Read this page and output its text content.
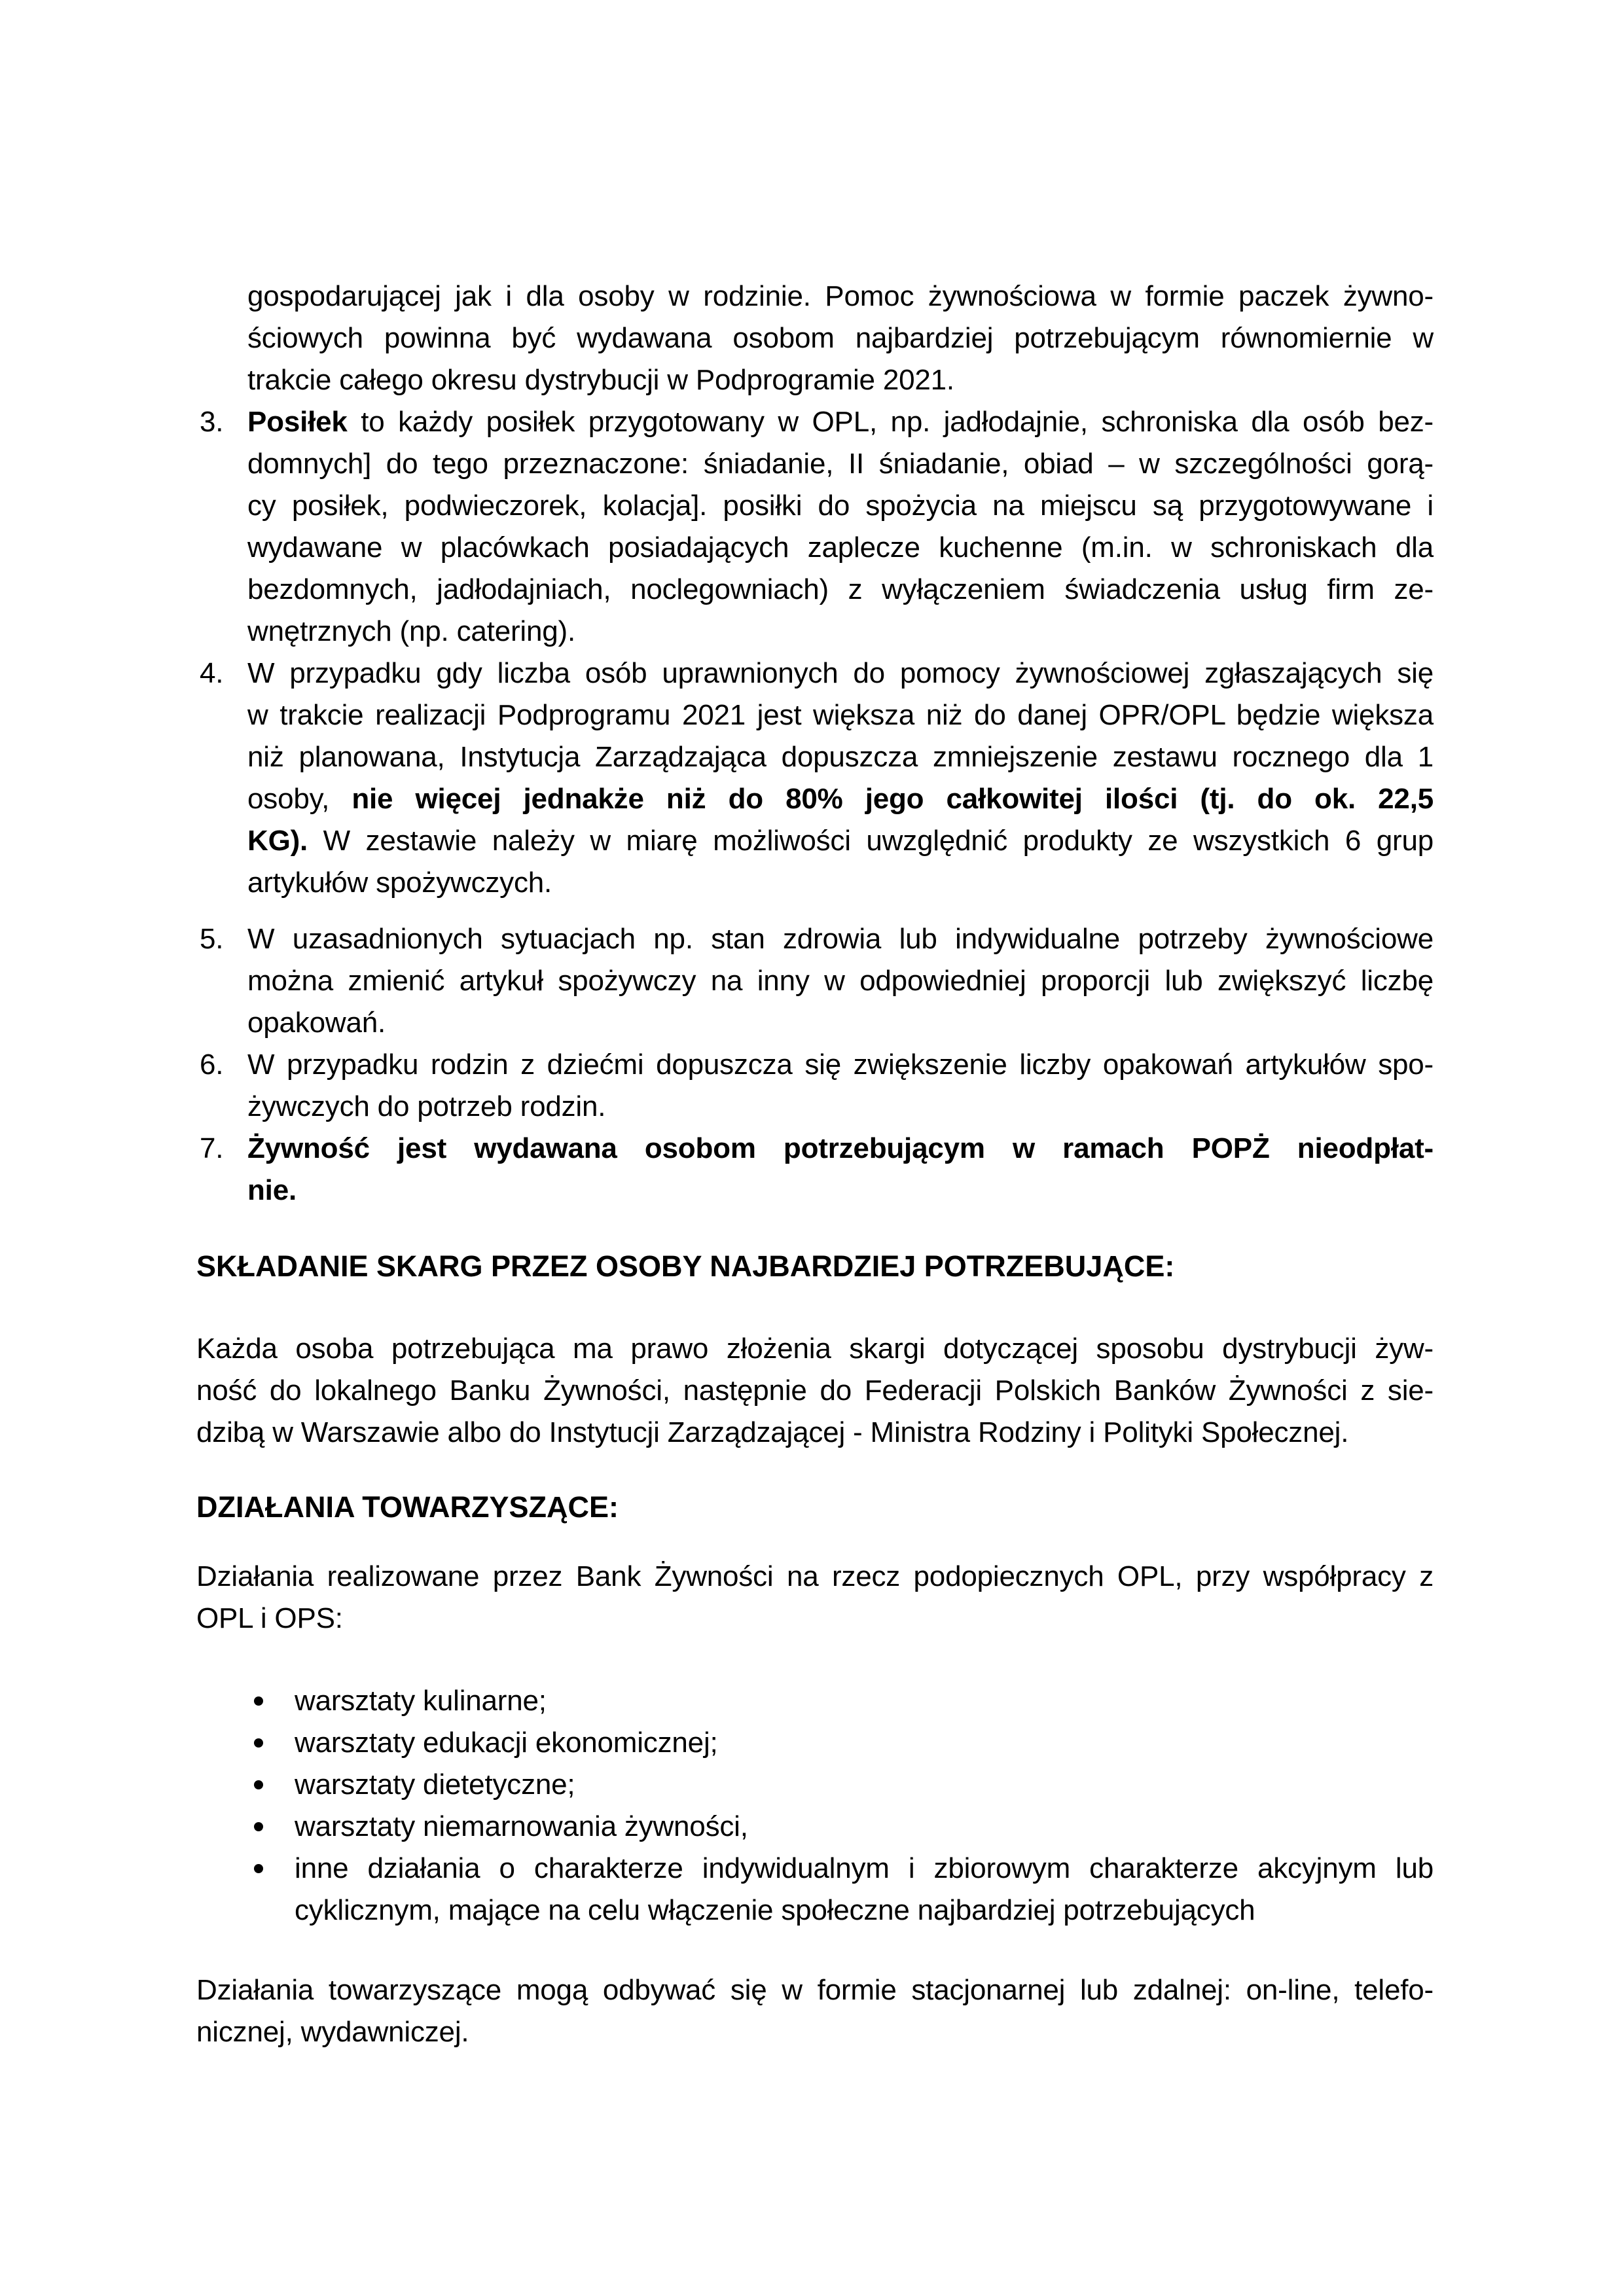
gospodarującej jak i dla osoby w rodzinie. Pomoc żywnościowa w formie paczek żywno-
ściowych powinna być wydawana osobom najbardziej potrzebującym równomiernie w
trakcie całego okresu dystrybucji w Podprogramie 2021.
3. Posiłek to każdy posiłek przygotowany w OPL, np. jadłodajnie, schroniska dla osób bez-
domnych] do tego przeznaczone: śniadanie, II śniadanie, obiad – w szczególności gorą-
cy posiłek, podwieczorek, kolacja]. posiłki do spożycia na miejscu są przygotowywane i
wydawane w placówkach posiadających zaplecze kuchenne (m.in. w schroniskach dla
bezdomnych, jadłodajniach, noclegowniach) z wyłączeniem świadczenia usług firm ze-
wnętrznych (np. catering).
4. W przypadku gdy liczba osób uprawnionych do pomocy żywnościowej zgłaszających się
w trakcie realizacji Podprogramu 2021 jest większa niż do danej OPR/OPL będzie większa
niż planowana, Instytucja Zarządzająca dopuszcza zmniejszenie zestawu rocznego dla 1
osoby, nie więcej jednakże niż do 80% jego całkowitej ilości (tj. do ok. 22,5
KG). W zestawie należy w miarę możliwości uwzględnić produkty ze wszystkich 6 grup
artykułów spożywczych.
5. W uzasadnionych sytuacjach np. stan zdrowia lub indywidualne potrzeby żywnościowe
można zmienić artykuł spożywczy na inny w odpowiedniej proporcji lub zwiększyć liczbę
opakowań.
6. W przypadku rodzin z dziećmi dopuszcza się zwiększenie liczby opakowań artykułów spo-
żywczych do potrzeb rodzin.
7. Żywność jest wydawana osobom potrzebującym w ramach POPŻ nieodpłat-
nie.
SKŁADANIE SKARG PRZEZ OSOBY NAJBARDZIEJ POTRZEBUJĄCE:
Każda osoba potrzebująca ma prawo złożenia skargi dotyczącej sposobu dystrybucji żyw-
ność do lokalnego Banku Żywności, następnie do Federacji Polskich Banków Żywności z sie-
dzibą w Warszawie albo do Instytucji Zarządzającej - Ministra Rodziny i Polityki Społecznej.
DZIAŁANIA TOWARZYSZĄCE:
Działania realizowane przez Bank Żywności na rzecz podopiecznych OPL, przy współpracy z
OPL i OPS:
warsztaty kulinarne;
warsztaty edukacji ekonomicznej;
warsztaty dietetyczne;
warsztaty niemarnowania żywności,
inne działania o charakterze indywidualnym i zbiorowym charakterze akcyjnym lub
cyklicznym, mające na celu włączenie społeczne najbardziej potrzebujących
Działania towarzyszące mogą odbywać się w formie stacjonarnej lub zdalnej: on-line, telefo-
nicznej, wydawniczej.
